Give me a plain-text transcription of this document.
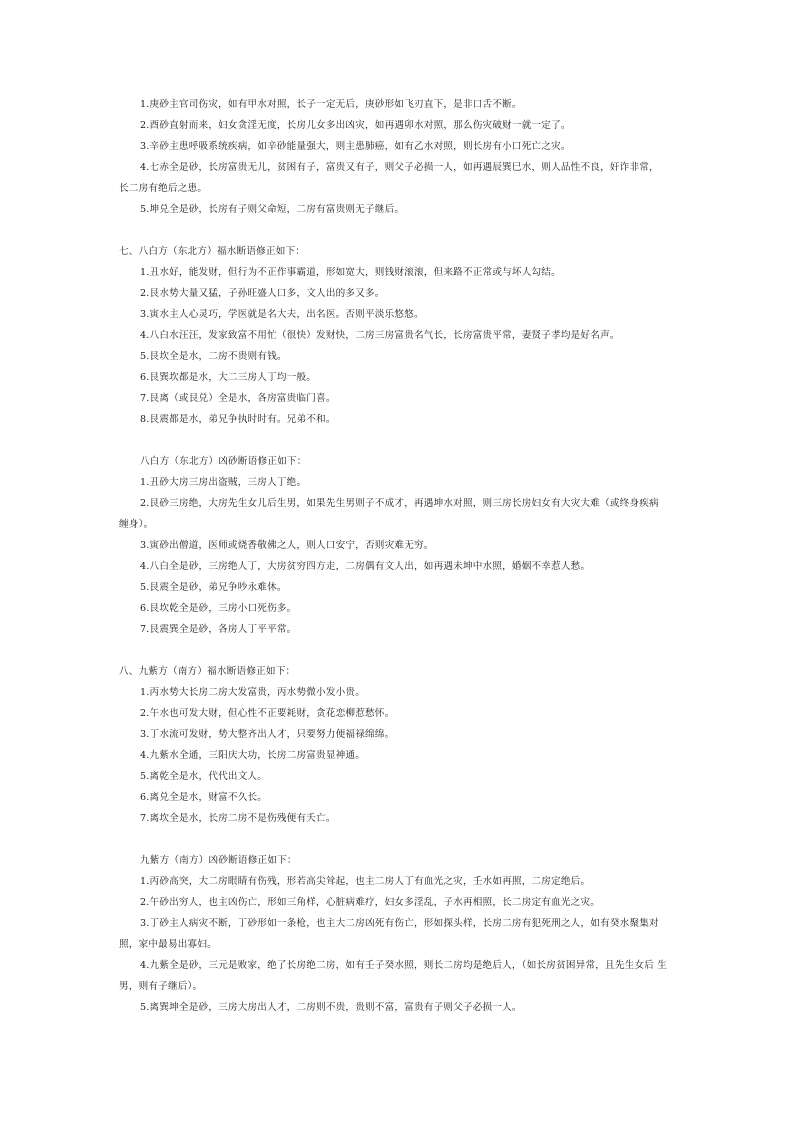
1.庚砂主官司伤灾，如有甲水对照，长子一定无后，庚砂形如飞刃直下，是非口舌不断。
2.酉砂直射而来，妇女贪淫无度，长房儿女多出凶灾，如再遇卯水对照，那么伤灾破财一就一定了。
3.辛砂主患呼吸系统疾病，如辛砂能量强大，则主患肺癌，如有乙水对照，则长房有小口死亡之灾。
4.七赤全是砂，长房富贵无儿，贫困有子，富贵又有子，则父子必损一人，如再遇辰巽巳水，则人品性不良，奸诈非常，
长二房有绝后之患。
5.坤兑全是砂，长房有子则父命短，二房有富贵则无子继后。
七、八白方（东北方）福水断语修正如下：
1.丑水好，能发财，但行为不正作事霸道，形如宽大，则钱财滚滚，但来路不正常或与坏人勾结。
2.艮水势大量又猛，子孙旺盛人口多，文人出的多又多。
3.寅水主人心灵巧，学医就是名大夫，出名医。否则平淡乐悠悠。
4.八白水汪汪，发家致富不用忙（很快）发财快，二房三房富贵名气长，长房富贵平常，妻贤子孝均是好名声。
5.艮坎全是水，二房不贵则有钱。
6.艮巽坎都是水，大二三房人丁均一般。
7.艮离（或艮兑）全是水，各房富贵临门喜。
8.艮震都是水，弟兄争执时时有。兄弟不和。
八白方（东北方）凶砂断语修正如下：
1.丑砂大房三房出盗贼，三房人丁绝。
2.艮砂三房绝，大房先生女儿后生男，如果先生男则子不成才，再遇坤水对照，则三房长房妇女有大灾大难（或终身疾病
缠身）。
3.寅砂出僧道，医师或烧香敬佛之人，则人口安宁，否则灾难无穷。
4.八白全是砂，三房绝人丁，大房贫穷四方走，二房偶有文人出，如再遇未坤中水照，婚姻不幸惹人愁。
5.艮震全是砂，弟兄争吵永难休。
6.艮坎乾全是砂，三房小口死伤多。
7.艮震巽全是砂，各房人丁平平常。
八、九紫方（南方）福水断语修正如下：
1.丙水势大长房二房大发富贵，丙水势微小发小贵。
2.午水也可发大财，但心性不正要耗财，贪花恋柳惹愁怀。
3.丁水流可发财，势大整齐出人才，只要努力便福禄绵绵。
4.九紫水全通，三阳庆大功，长房二房富贵显神通。
5.离乾全是水，代代出文人。
6.离兑全是水，财富不久长。
7.离坎全是水，长房二房不是伤残便有夭亡。
九紫方（南方）凶砂断语修正如下：
1.丙砂高突，大二房眼睛有伤残，形若高尖耸起，也主二房人丁有血光之灾，壬水如再照，二房定绝后。
2.午砂出穷人，也主凶伤亡，形如三角样，心脏病难疗，妇女多淫乱，子水再相照，长二房定有血光之灾。
3.丁砂主人病灾不断，丁砂形如一条枪，也主大二房凶死有伤亡，形如探头样，长房二房有犯死刑之人，如有癸水聚集对
照，家中最易出寡妇。
4.九紫全是砂，三元是败家，绝了长房绝二房，如有壬子癸水照，则长二房均是绝后人，（如长房贫困异常，且先生女后 生
男，则有子继后）。
5.离巽坤全是砂，三房大房出人才，二房则不贵，贵则不富，富贵有子则父子必损一人。
